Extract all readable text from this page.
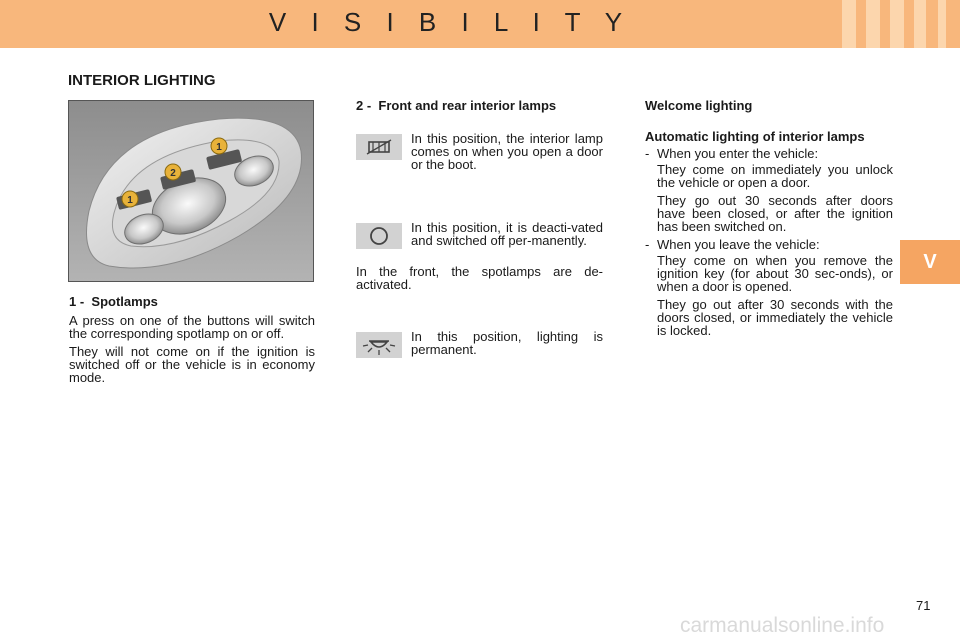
V I S I B I L I T Y
V
INTERIOR LIGHTING
1
2
1

1 - Spotlamps

A press on one of the buttons will switch the corresponding spotlamp on or off.

They will not come on if the ignition is switched off or the vehicle is in economy mode.

2 - Front and rear interior lamps

In this position, the interior lamp comes on when you open a door or the boot.
In this position, it is deacti-vated and switched off per-manently.
In the front, the spotlamps are de-activated.
In this position, lighting is permanent.

Welcome lighting

Automatic lighting of interior lamps

- When you enter the vehicle:

They come on immediately you unlock the vehicle or open a door.

They go out 30 seconds after doors have been closed, or after the ignition has been switched on.

- When you leave the vehicle:

They come on when you remove the ignition key (for about 30 sec-onds), or when a door is opened.

They go out after 30 seconds with the doors closed, or immediately the vehicle is locked.

71
carmanualsonline.info
